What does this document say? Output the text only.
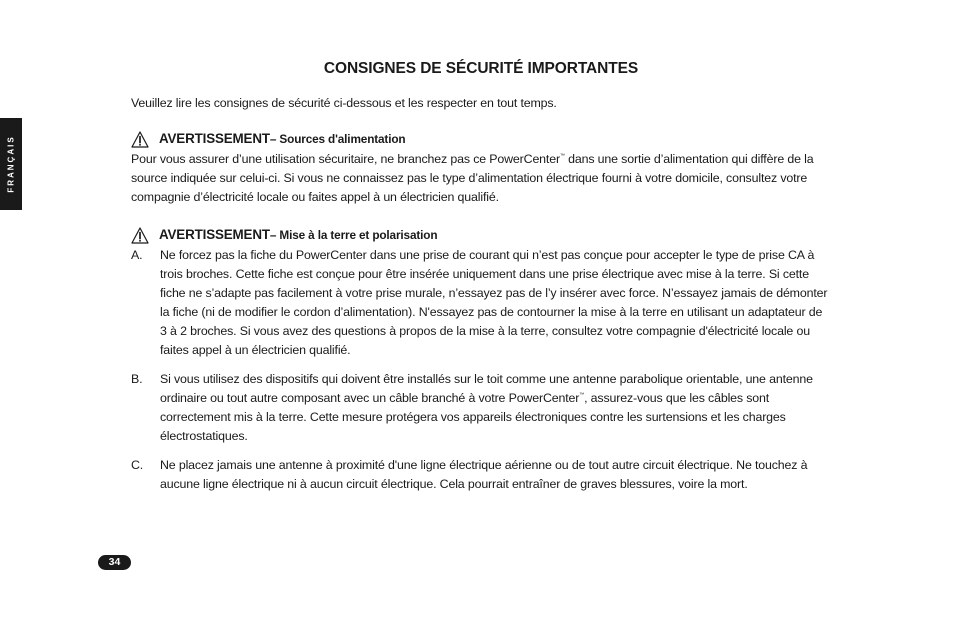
FRANÇAIS
CONSIGNES DE SÉCURITÉ IMPORTANTES

Veuillez lire les consignes de sécurité ci-dessous et les respecter en tout temps.

AVERTISSEMENT – Sources d'alimentation

Pour vous assurer d’une utilisation sécuritaire, ne branchez pas ce PowerCenter™ dans une sortie d’alimentation qui diffère de la source indiquée sur celui-ci. Si vous ne connaissez pas le type d’alimentation électrique fourni à votre domicile, consultez votre compagnie d’électricité locale ou faites appel à un électricien qualifié.

AVERTISSEMENT – Mise à la terre et polarisation
A. Ne forcez pas la fiche du PowerCenter dans une prise de courant qui n’est pas conçue pour accepter le type de prise CA à trois broches. Cette fiche est conçue pour être insérée uniquement dans une prise électrique avec mise à la terre. Si cette fiche ne s’adapte pas facilement à votre prise murale, n’essayez pas de l’y insérer avec force. N’essayez jamais de démonter la fiche (ni de modifier le cordon d’alimentation). N'essayez pas de contourner la mise à la terre en utilisant un adaptateur de 3 à 2 broches. Si vous avez des questions à propos de la mise à la terre, consultez votre compagnie d'électricité locale ou faites appel à un électricien qualifié.
B. Si vous utilisez des dispositifs qui doivent être installés sur le toit comme une antenne parabolique orientable, une antenne ordinaire ou tout autre composant avec un câble branché à votre PowerCenter™, assurez-vous que les câbles sont correctement mis à la terre. Cette mesure protégera vos appareils électroniques contre les surtensions et les charges électrostatiques.
C. Ne placez jamais une antenne à proximité d'une ligne électrique aérienne ou de tout autre circuit électrique. Ne touchez à aucune ligne électrique ni à aucun circuit électrique. Cela pourrait entraîner de graves blessures, voire la mort.
34
